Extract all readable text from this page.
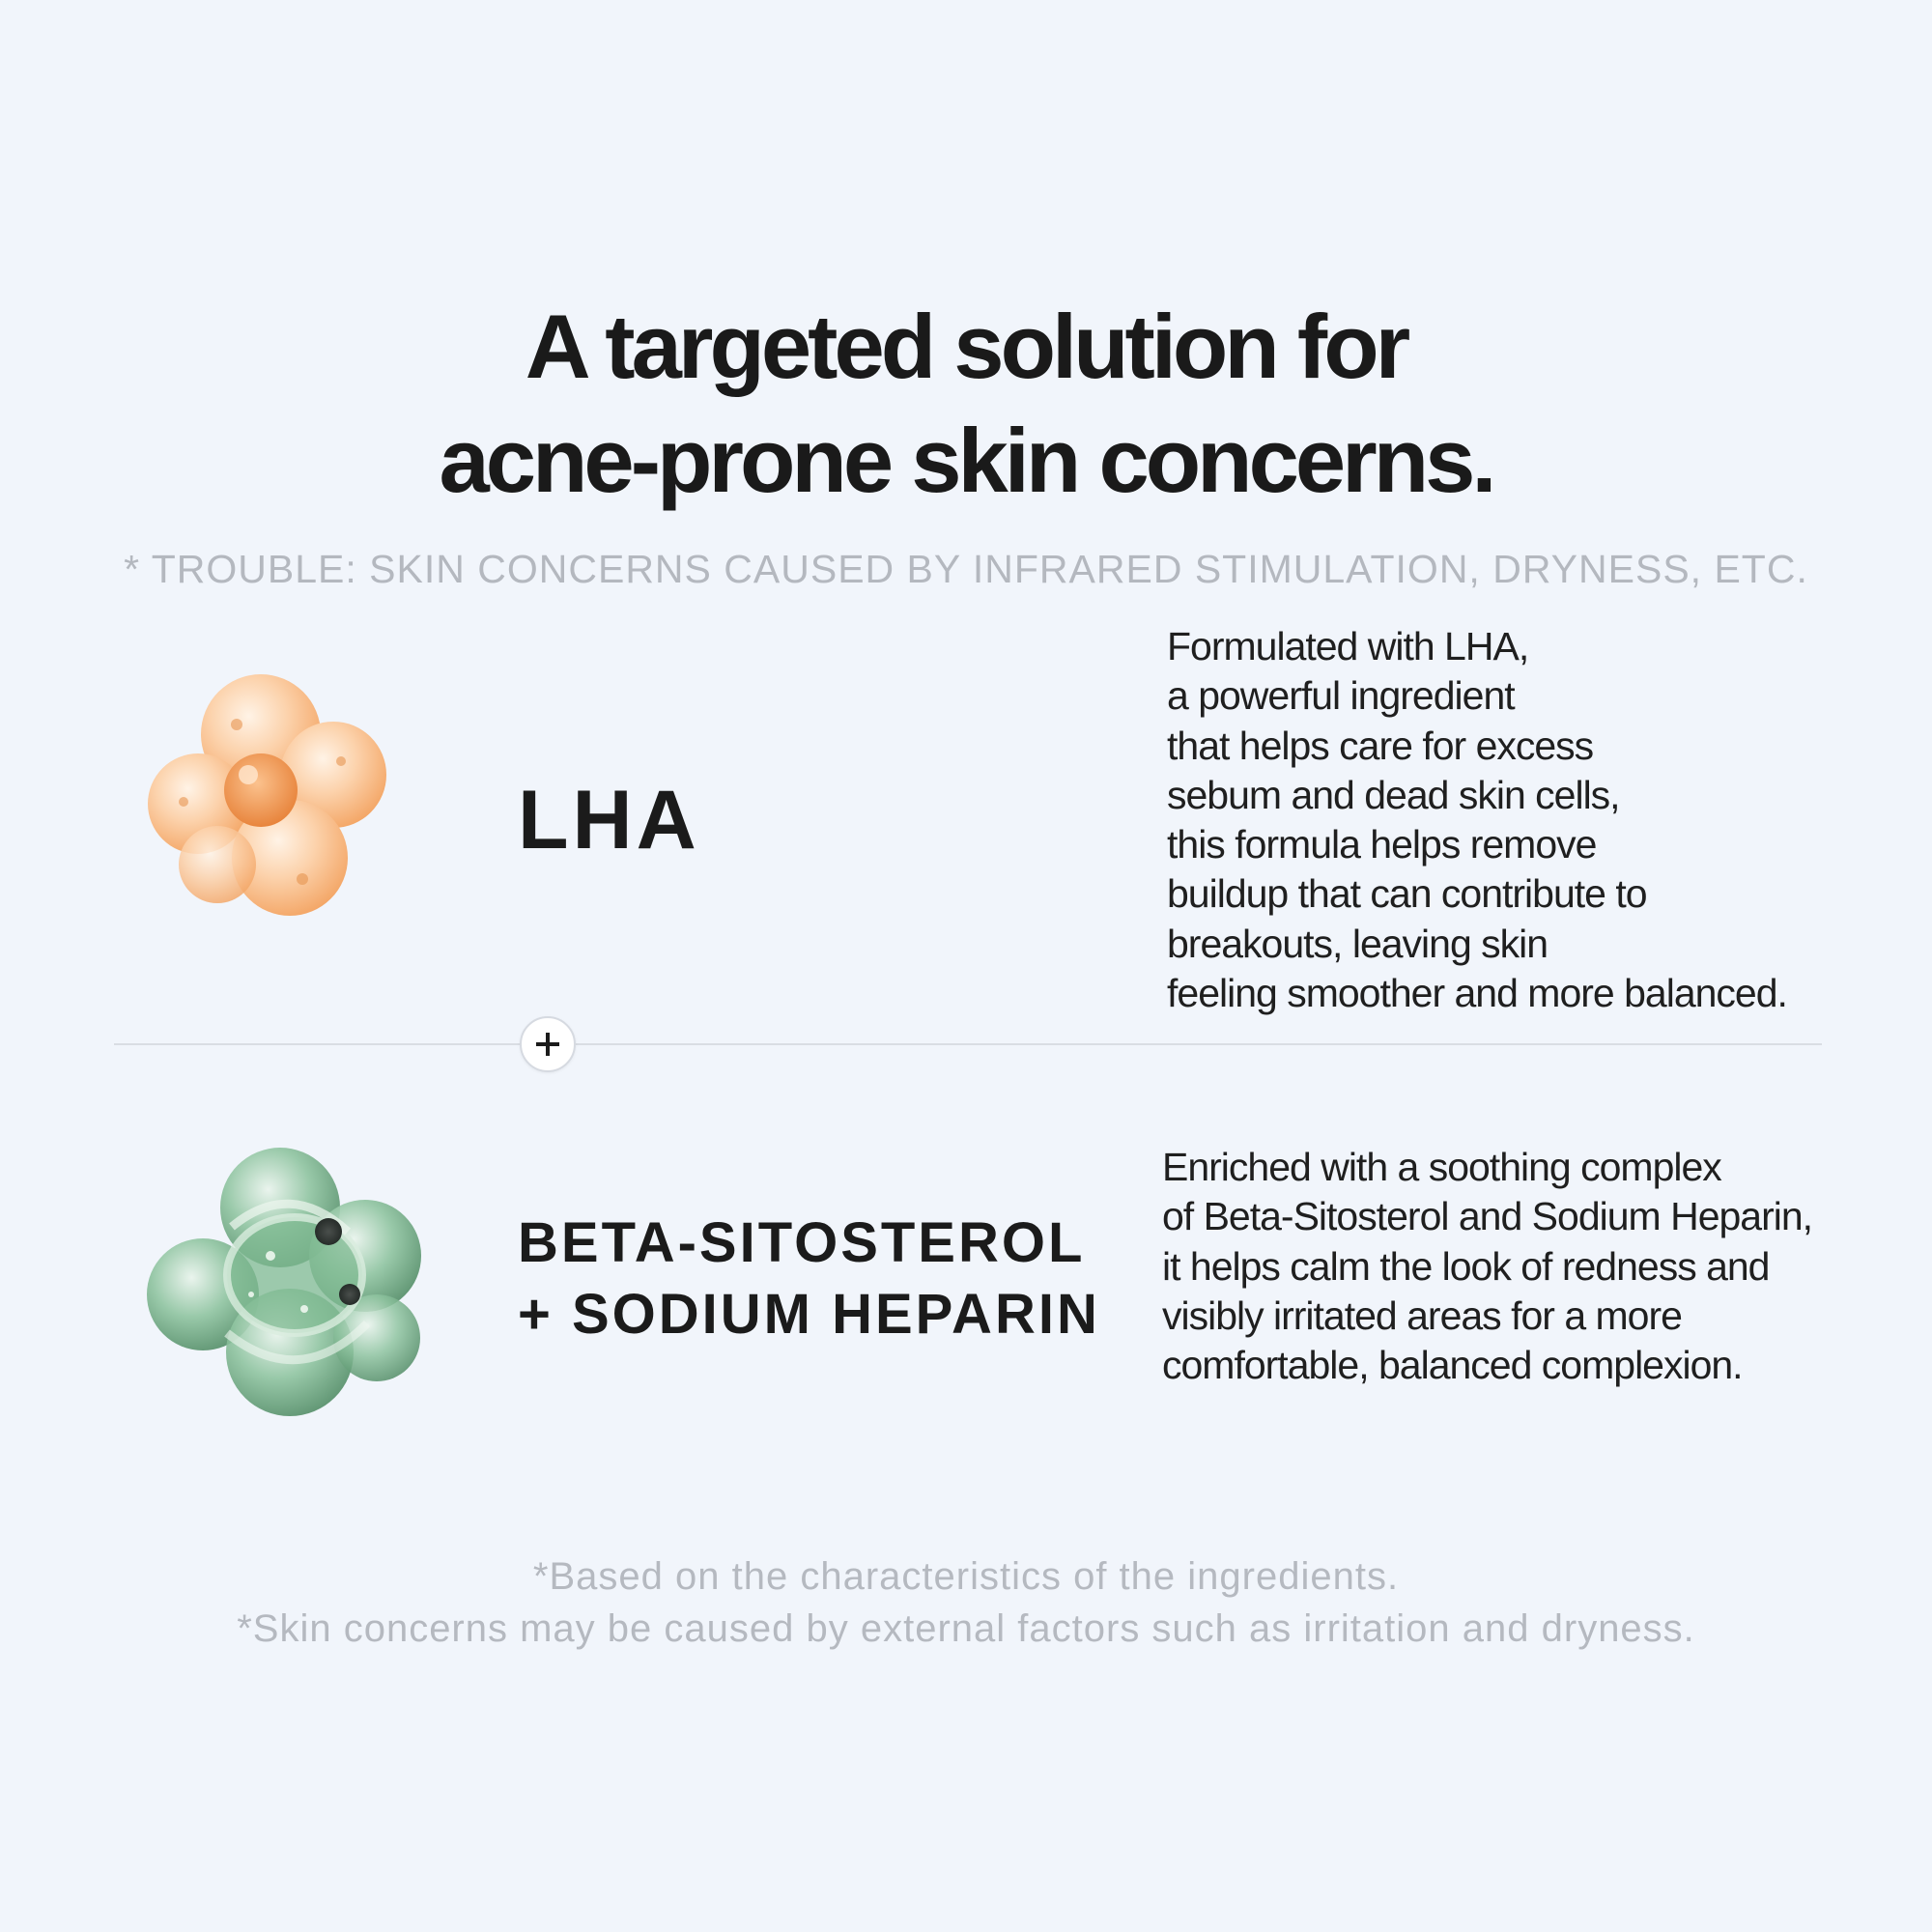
A targeted solution for
acne-prone skin concerns.
* TROUBLE: SKIN CONCERNS CAUSED BY INFRARED STIMULATION, DRYNESS, ETC.
LHA

Formulated with LHA,
a powerful ingredient
that helps care for excess
sebum and dead skin cells,
this formula helps remove
buildup that can contribute to
breakouts, leaving skin
feeling smoother and more balanced.

BETA-SITOSTEROL
+ SODIUM HEPARIN

Enriched with a soothing complex
of Beta-Sitosterol and Sodium Heparin,
it helps calm the look of redness and
visibly irritated areas for a more
comfortable, balanced complexion.

*Based on the characteristics of the ingredients.
*Skin concerns may be caused by external factors such as irritation and dryness.
